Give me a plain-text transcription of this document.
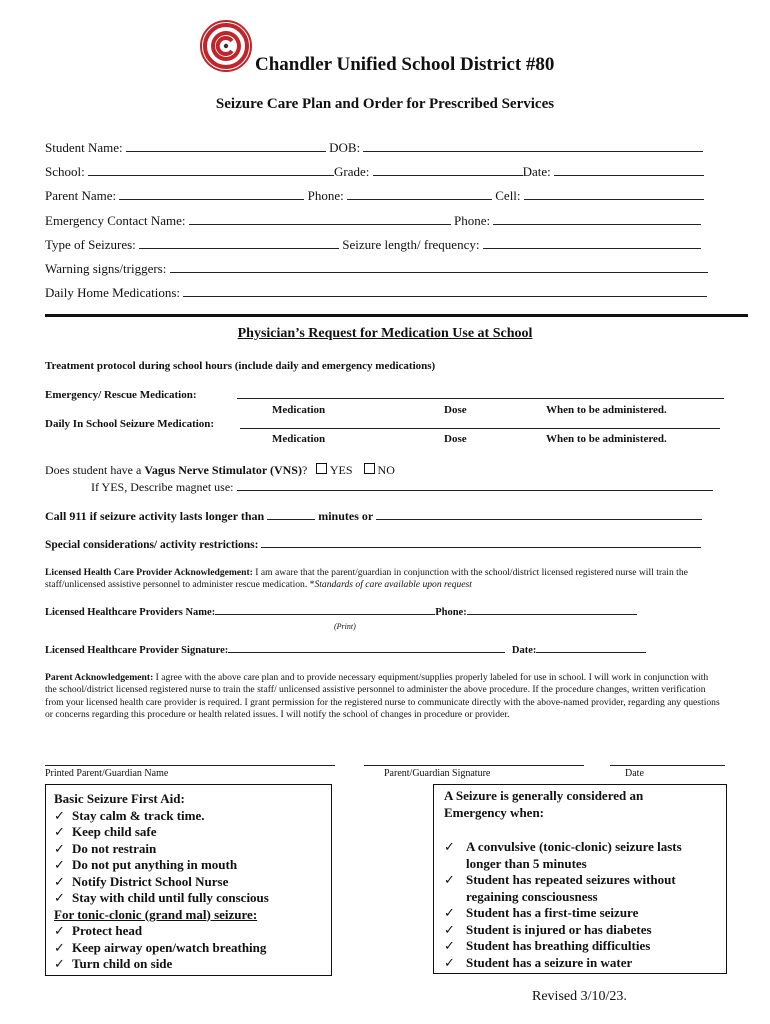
Chandler Unified School District #80
Seizure Care Plan and Order for Prescribed Services
Student Name:	DOB:
School:	Grade:	Date:
Parent Name:	Phone:	Cell:
Emergency Contact Name:	Phone:
Type of Seizures:	Seizure length/ frequency:
Warning signs/triggers:
Daily Home Medications:
Physician’s Request for Medication Use at School
Treatment protocol during school hours (include daily and emergency medications)
Emergency/ Rescue Medication:
Medication	Dose	When to be administered.
Daily In School Seizure Medication:
Medication	Dose	When to be administered.
Does student have a Vagus Nerve Stimulator (VNS)? YES NO
If YES, Describe magnet use:
Call 911 if seizure activity lasts longer than	minutes or
Special considerations/ activity restrictions:
Licensed Health Care Provider Acknowledgement: I am aware that the parent/guardian in conjunction with the school/district licensed registered nurse will train the staff/unlicensed assistive personnel to administer rescue medication. *Standards of care available upon request
Licensed Healthcare Providers Name:	Phone:
(Print)
Licensed Healthcare Provider Signature:	Date:
Parent Acknowledgement: I agree with the above care plan and to provide necessary equipment/supplies properly labeled for use in school. I will work in conjunction with the school/district licensed registered nurse to train the staff/ unlicensed assistive personnel to administer the above procedure. If the procedure changes, written verification from your licensed health care provider is required. I grant permission for the registered nurse to communicate directly with the above-named provider, regarding any questions or concerns regarding this procedure or health related issues. I will notify the school of changes in procedure or provider.
Printed Parent/Guardian Name	Parent/Guardian Signature	Date
Basic Seizure First Aid:
✓ Stay calm & track time.
✓ Keep child safe
✓ Do not restrain
✓ Do not put anything in mouth
✓ Notify District School Nurse
✓ Stay with child until fully conscious
For tonic-clonic (grand mal) seizure:
✓ Protect head
✓ Keep airway open/watch breathing
✓ Turn child on side
A Seizure is generally considered an
Emergency when:
✓ A convulsive (tonic-clonic) seizure lasts
longer than 5 minutes
✓ Student has repeated seizures without
regaining consciousness
✓ Student has a first-time seizure
✓ Student is injured or has diabetes
✓ Student has breathing difficulties
✓ Student has a seizure in water
Revised 3/10/23.
